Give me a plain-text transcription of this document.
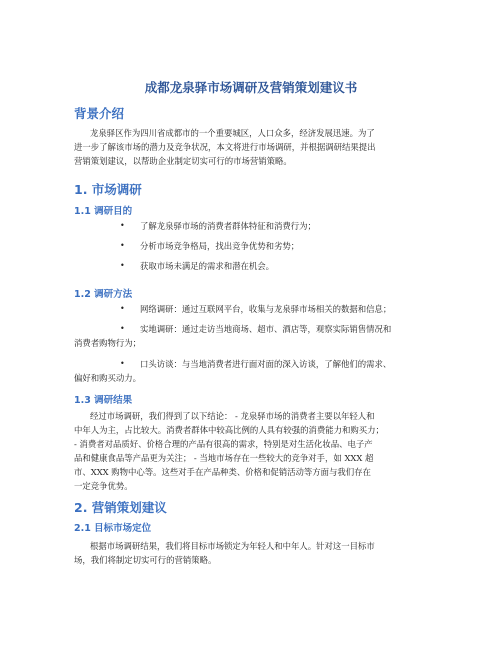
成都龙泉驿市场调研及营销策划建议书
背景介绍
龙泉驿区作为四川省成都市的一个重要城区，人口众多，经济发展迅速。为了
进一步了解该市场的潜力及竞争状况，本文将进行市场调研，并根据调研结果提出
营销策划建议，以帮助企业制定切实可行的市场营销策略。
1. 市场调研
1.1 调研目的
•	了解龙泉驿市场的消费者群体特征和消费行为；
•	分析市场竞争格局，找出竞争优势和劣势；
•	获取市场未满足的需求和潜在机会。
1.2 调研方法
•	网络调研：通过互联网平台，收集与龙泉驿市场相关的数据和信息；
•	实地调研：通过走访当地商场、超市、酒店等，观察实际销售情况和
消费者购物行为；
•	口头访谈：与当地消费者进行面对面的深入访谈，了解他们的需求、
偏好和购买动力。
1.3 调研结果
经过市场调研，我们得到了以下结论： - 龙泉驿市场的消费者主要以年轻人和
中年人为主，占比较大。消费者群体中较高比例的人具有较强的消费能力和购买力；
- 消费者对品质好、价格合理的产品有很高的需求，特别是对生活化妆品、电子产
品和健康食品等产品更为关注； - 当地市场存在一些较大的竞争对手，如 XXX 超
市、XXX 购物中心等。这些对手在产品种类、价格和促销活动等方面与我们存在
一定竞争优势。
2. 营销策划建议
2.1 目标市场定位
根据市场调研结果，我们将目标市场锁定为年轻人和中年人。针对这一目标市
场，我们将制定切实可行的营销策略。
